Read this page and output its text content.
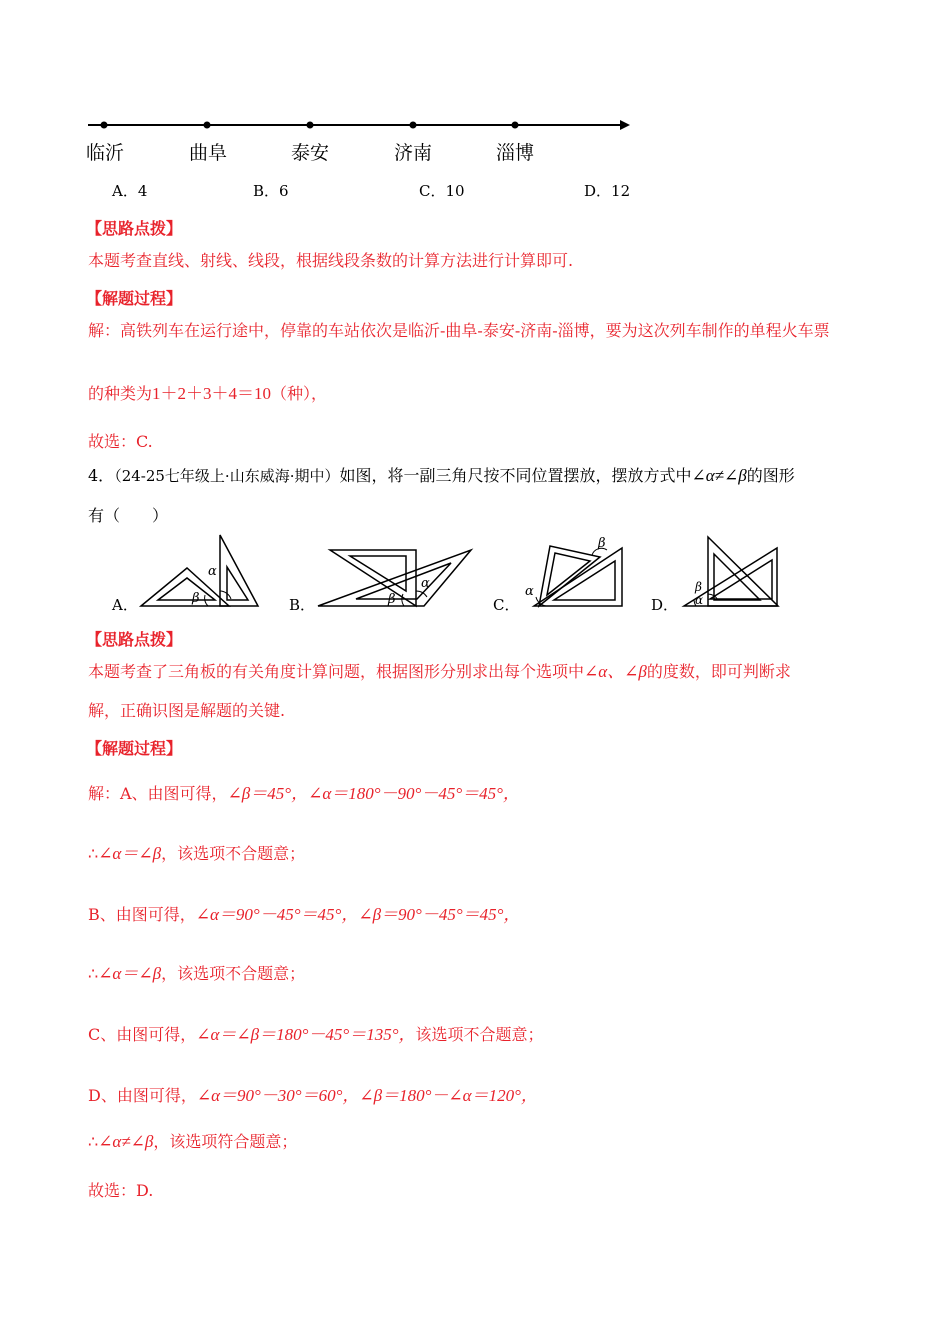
临沂	曲阜	泰安	济南	淄博
A．4	B．6	C．10	D．12
【思路点拨】
本题考查直线、射线、线段，根据线段条数的计算方法进行计算即可.
【解题过程】
解：高铁列车在运行途中，停靠的车站依次是临沂-曲阜-泰安-济南-淄博，要为这次列车制作的单程火车票
的种类为1＋2＋3＋4＝10（种），
故选：C.
4．（24-25七年级上·山东威海·期中）如图，将一副三角尺按不同位置摆放，摆放方式中∠α≠∠β的图形
有（　　）
A．	B．	C．	D．
α
β
α
β
α
β
α
β
【思路点拨】
本题考查了三角板的有关角度计算问题，根据图形分别求出每个选项中∠α、∠β的度数，即可判断求
解，正确识图是解题的关键.
【解题过程】
解：A、由图可得，∠β＝45°，∠α＝180°－90°－45°＝45°，
∴∠α＝∠β，该选项不合题意；
B、由图可得，∠α＝90°－45°＝45°，∠β＝90°－45°＝45°，
∴∠α＝∠β，该选项不合题意；
C、由图可得，∠α＝∠β＝180°－45°＝135°，该选项不合题意；
D、由图可得，∠α＝90°－30°＝60°，∠β＝180°－∠α＝120°，
∴∠α≠∠β，该选项符合题意；
故选：D.
